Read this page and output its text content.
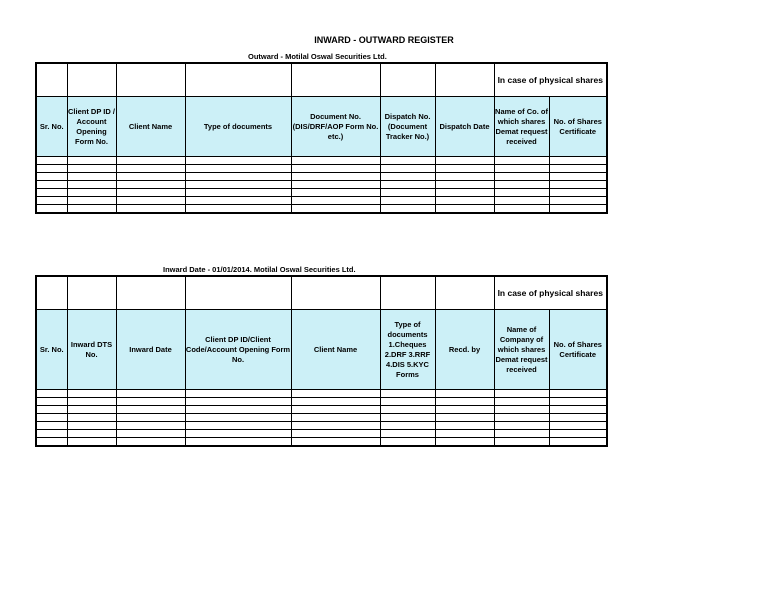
INWARD - OUTWARD REGISTER
Outward - Motilal Oswal Securities Ltd.
							In case of physical shares	
Sr. No.	Client DP ID / Account Opening Form No.	Client Name	Type of documents	Document No. (DIS/DRF/AOP Form No. etc.)	Dispatch No. (Document Tracker No.)	Dispatch Date	Name of Co. of which shares Demat request received	No. of Shares Certificate

Inward Date - 01/01/2014. Motilal Oswal Securities Ltd.
							In case of physical shares	
Sr. No.	Inward DTS No.	Inward Date	Client DP ID/Client Code/Account Opening Form No.	Client Name	Type of documents 1.Cheques 2.DRF 3.RRF 4.DIS 5.KYC Forms	Recd. by	Name of Company of which shares Demat request received	No. of Shares Certificate
